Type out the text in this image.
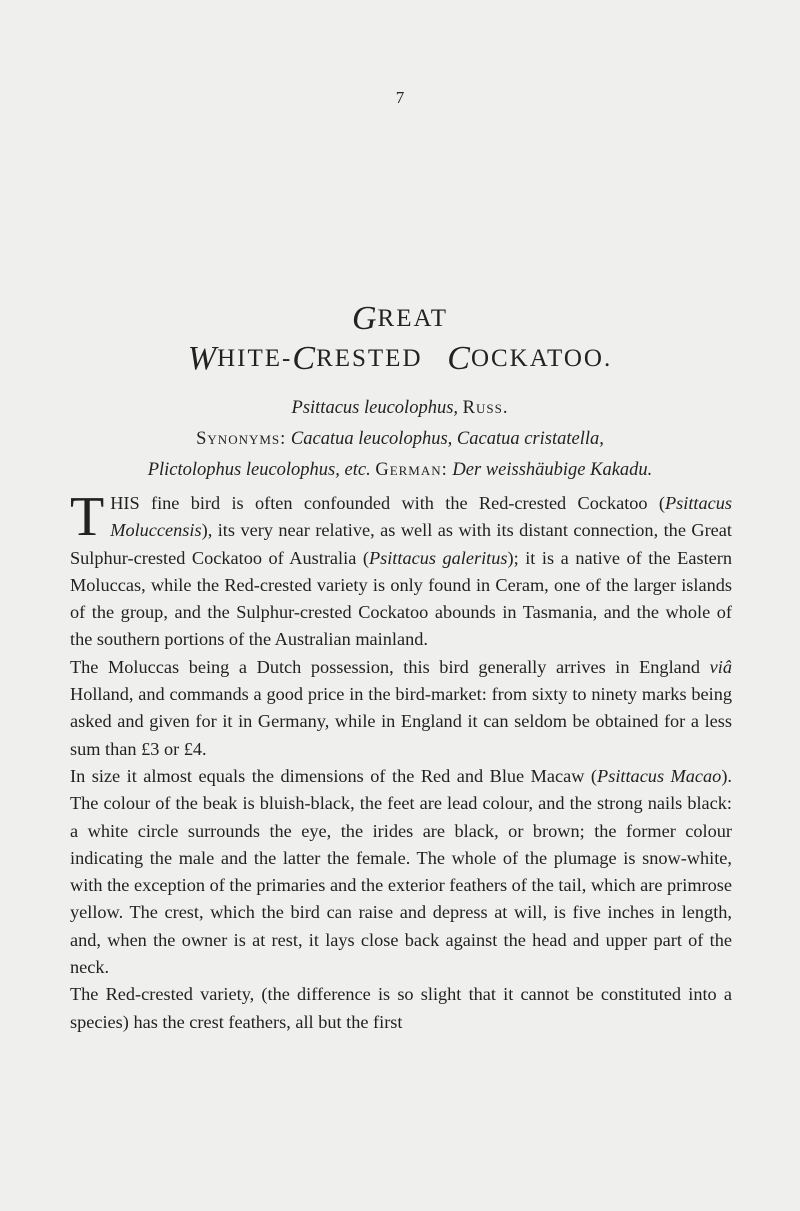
7
GREAT
WHITE-CRESTED COCKATOO.
Psittacus leucolophus, Russ.
Synonyms: Cacatua leucolophus, Cacatua cristatella,
Plictolophus leucolophus, etc. German: Der weisshäubige Kakadu.

THIS fine bird is often confounded with the Red-crested Cockatoo (Psittacus Moluccensis), its very near relative, as well as with its distant connection, the Great Sulphur-crested Cockatoo of Australia (Psittacus galeritus); it is a native of the Eastern Moluccas, while the Red-crested variety is only found in Ceram, one of the larger islands of the group, and the Sulphur-crested Cockatoo abounds in Tasmania, and the whole of the southern portions of the Australian mainland.

The Moluccas being a Dutch possession, this bird generally arrives in England viâ Holland, and commands a good price in the bird-market: from sixty to ninety marks being asked and given for it in Germany, while in England it can seldom be obtained for a less sum than £3 or £4.

In size it almost equals the dimensions of the Red and Blue Macaw (Psittacus Macao). The colour of the beak is bluish-black, the feet are lead colour, and the strong nails black: a white circle surrounds the eye, the irides are black, or brown; the former colour indicating the male and the latter the female. The whole of the plumage is snow-white, with the exception of the primaries and the exterior feathers of the tail, which are primrose yellow. The crest, which the bird can raise and depress at will, is five inches in length, and, when the owner is at rest, it lays close back against the head and upper part of the neck.

The Red-crested variety, (the difference is so slight that it cannot be constituted into a species) has the crest feathers, all but the first
